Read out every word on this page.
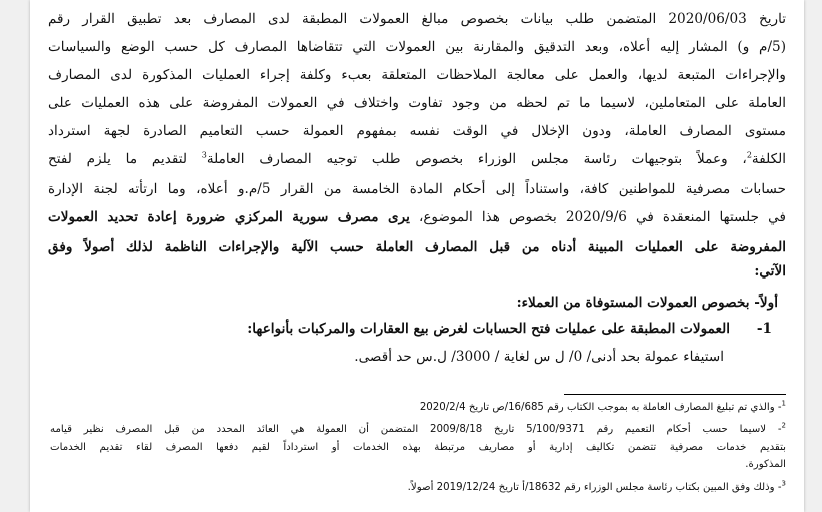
تاريخ 2020/06/03 المتضمن طلب بيانات بخصوص مبالغ العمولات المطبقة لدى المصارف بعد تطبيق القرار رقم
(5/م و) المشار إليه أعلاه، وبعد التدقيق والمقارنة بين العمولات التي تتقاضاها المصارف كل حسب الوضع والسياسات
والإجراءات المتبعة لديها، والعمل على معالجة الملاحظات المتعلقة بعبء وكلفة إجراء العمليات المذكورة لدى المصارف
العاملة على المتعاملين، لاسيما ما تم لحظه من وجود تفاوت واختلاف في العمولات المفروضة على هذه العمليات على
مستوى المصارف العاملة، ودون الإخلال في الوقت نفسه بمفهوم العمولة حسب التعاميم الصادرة لجهة استرداد
الكلفة$^2$، وعملاً بتوجيهات رئاسة مجلس الوزراء بخصوص طلب توجيه المصارف العاملة$^3$ لتقديم ما يلزم لفتح
حسابات مصرفية للمواطنين كافة، واستناداً إلى أحكام المادة الخامسة من القرار 5/م.و أعلاه، وما ارتأته لجنة الإدارة
في جلستها المنعقدة في 2020/9/6 بخصوص هذا الموضوع، يرى مصرف سورية المركزي ضرورة إعادة تحديد العمولات
المفروضة على العمليات المبينة أدناه من قبل المصارف العاملة حسب الآلية والإجراءات الناظمة لذلك أصولاً وفق
الآتي:
أولاً- بخصوص العمولات المستوفاة من العملاء:
1-
العمولات المطبقة على عمليات فتح الحسابات لغرض بيع العقارات والمركبات بأنواعها:
استيفاء عمولة بحد أدنى/ 0/ ل س لغاية / 3000/ ل.س حد أقصى.
$^1$- والذي تم تبليغ المصارف العاملة به بموجب الكتاب رقم 16/685/ص تاريخ 2020/2/4
$^2$- لاسيما حسب أحكام التعميم رقم 5/100/9371 تاريخ 2009/8/18 المتضمن أن العمولة هي العائد المحدد من قبل المصرف نظير قيامه
بتقديم خدمات مصرفية تتضمن تكاليف إدارية أو مصاريف مرتبطة بهذه الخدمات أو استرداداً لقيم دفعها المصرف لقاء تقديم الخدمات
المذكورة.
$^3$- وذلك وفق المبين بكتاب رئاسة مجلس الوزراء رقم 18632/أ تاريخ 2019/12/24 أصولاً.
